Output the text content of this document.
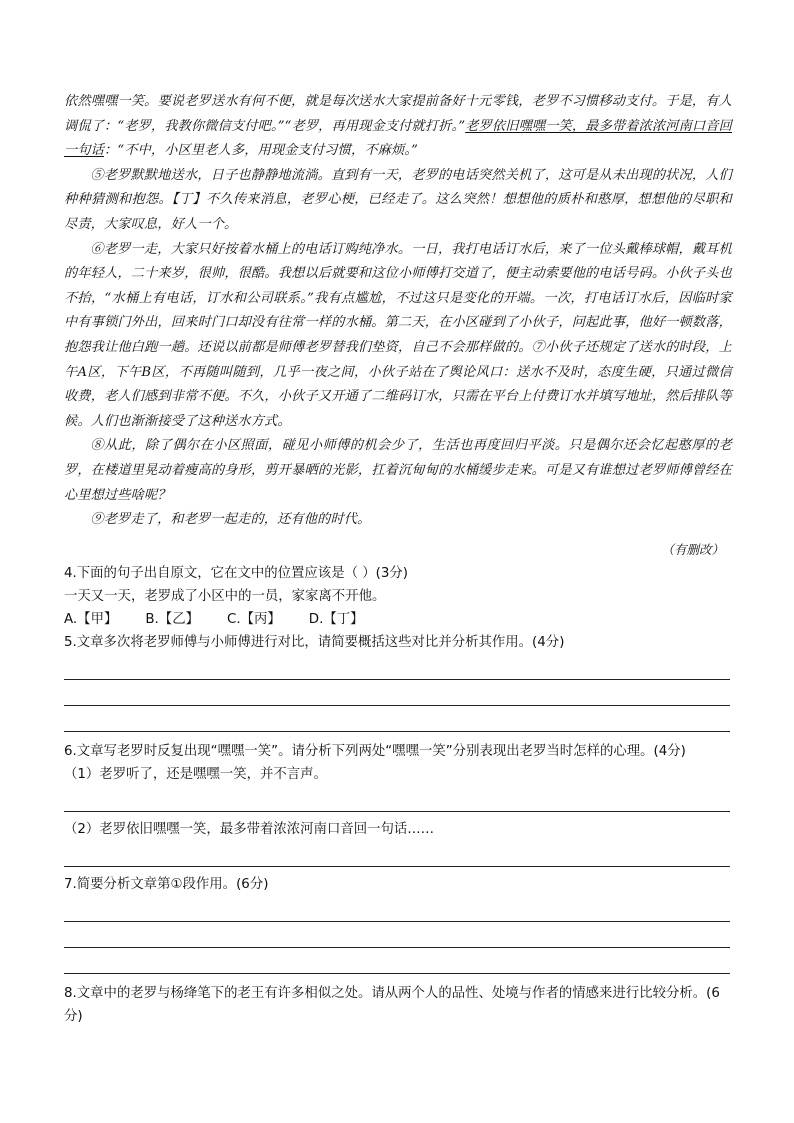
依然嘿嘿一笑。要说老罗送水有何不便，就是每次送水大家提前备好十元零钱，老罗不习惯移动支付。于是，有人调侃了：“老罗，我教你微信支付吧。”“老罗，再用现金支付就打折。”老罗依旧嘿嘿一笑，最多带着浓浓河南口音回一句话：“不中，小区里老人多，用现金支付习惯，不麻烦。”

⑤老罗默默地送水，日子也静静地流淌。直到有一天，老罗的电话突然关机了，这可是从未出现的状况，人们种种猜测和抱怨。【丁】不久传来消息，老罗心梗，已经走了。这么突然！想想他的质朴和憨厚，想想他的尽职和尽责，大家叹息，好人一个。

⑥老罗一走，大家只好按着水桶上的电话订购纯净水。一日，我打电话订水后，来了一位头戴棒球帽，戴耳机的年轻人，二十来岁，很帅，很酷。我想以后就要和这位小师傅打交道了，便主动索要他的电话号码。小伙子头也不抬，“水桶上有电话，订水和公司联系。”我有点尴尬，不过这只是变化的开端。一次，打电话订水后，因临时家中有事锁门外出，回来时门口却没有往常一样的水桶。第二天，在小区碰到了小伙子，问起此事，他好一顿数落，抱怨我让他白跑一趟。还说以前都是师傅老罗替我们垫资，自己不会那样做的。⑦小伙子还规定了送水的时段，上午A区，下午B区，不再随叫随到，几乎一夜之间，小伙子站在了舆论风口：送水不及时，态度生硬，只通过微信收费，老人们感到非常不便。不久，小伙子又开通了二维码订水，只需在平台上付费订水并填写地址，然后排队等候。人们也渐渐接受了这种送水方式。

⑧从此，除了偶尔在小区照面，碰见小师傅的机会少了，生活也再度回归平淡。只是偶尔还会忆起憨厚的老罗，在楼道里晃动着瘦高的身形，剪开暴晒的光影，扛着沉甸甸的水桶缓步走来。可是又有谁想过老罗师傅曾经在心里想过些啥呢？

⑨老罗走了，和老罗一起走的，还有他的时代。

（有删改）

4.下面的句子出自原文，它在文中的位置应该是（ ）(3分)

一天又一天，老罗成了小区中的一员，家家离不开他。

A.【甲】 B.【乙】 C.【丙】 D.【丁】

5.文章多次将老罗师傅与小师傅进行对比，请简要概括这些对比并分析其作用。(4分)

6.文章写老罗时反复出现“嘿嘿一笑”。请分析下列两处“嘿嘿一笑”分别表现出老罗当时怎样的心理。(4分)

（1）老罗听了，还是嘿嘿一笑，并不言声。

（2）老罗依旧嘿嘿一笑，最多带着浓浓河南口音回一句话……

7.简要分析文章第①段作用。(6分)

8.文章中的老罗与杨绛笔下的老王有许多相似之处。请从两个人的品性、处境与作者的情感来进行比较分析。(6分)
